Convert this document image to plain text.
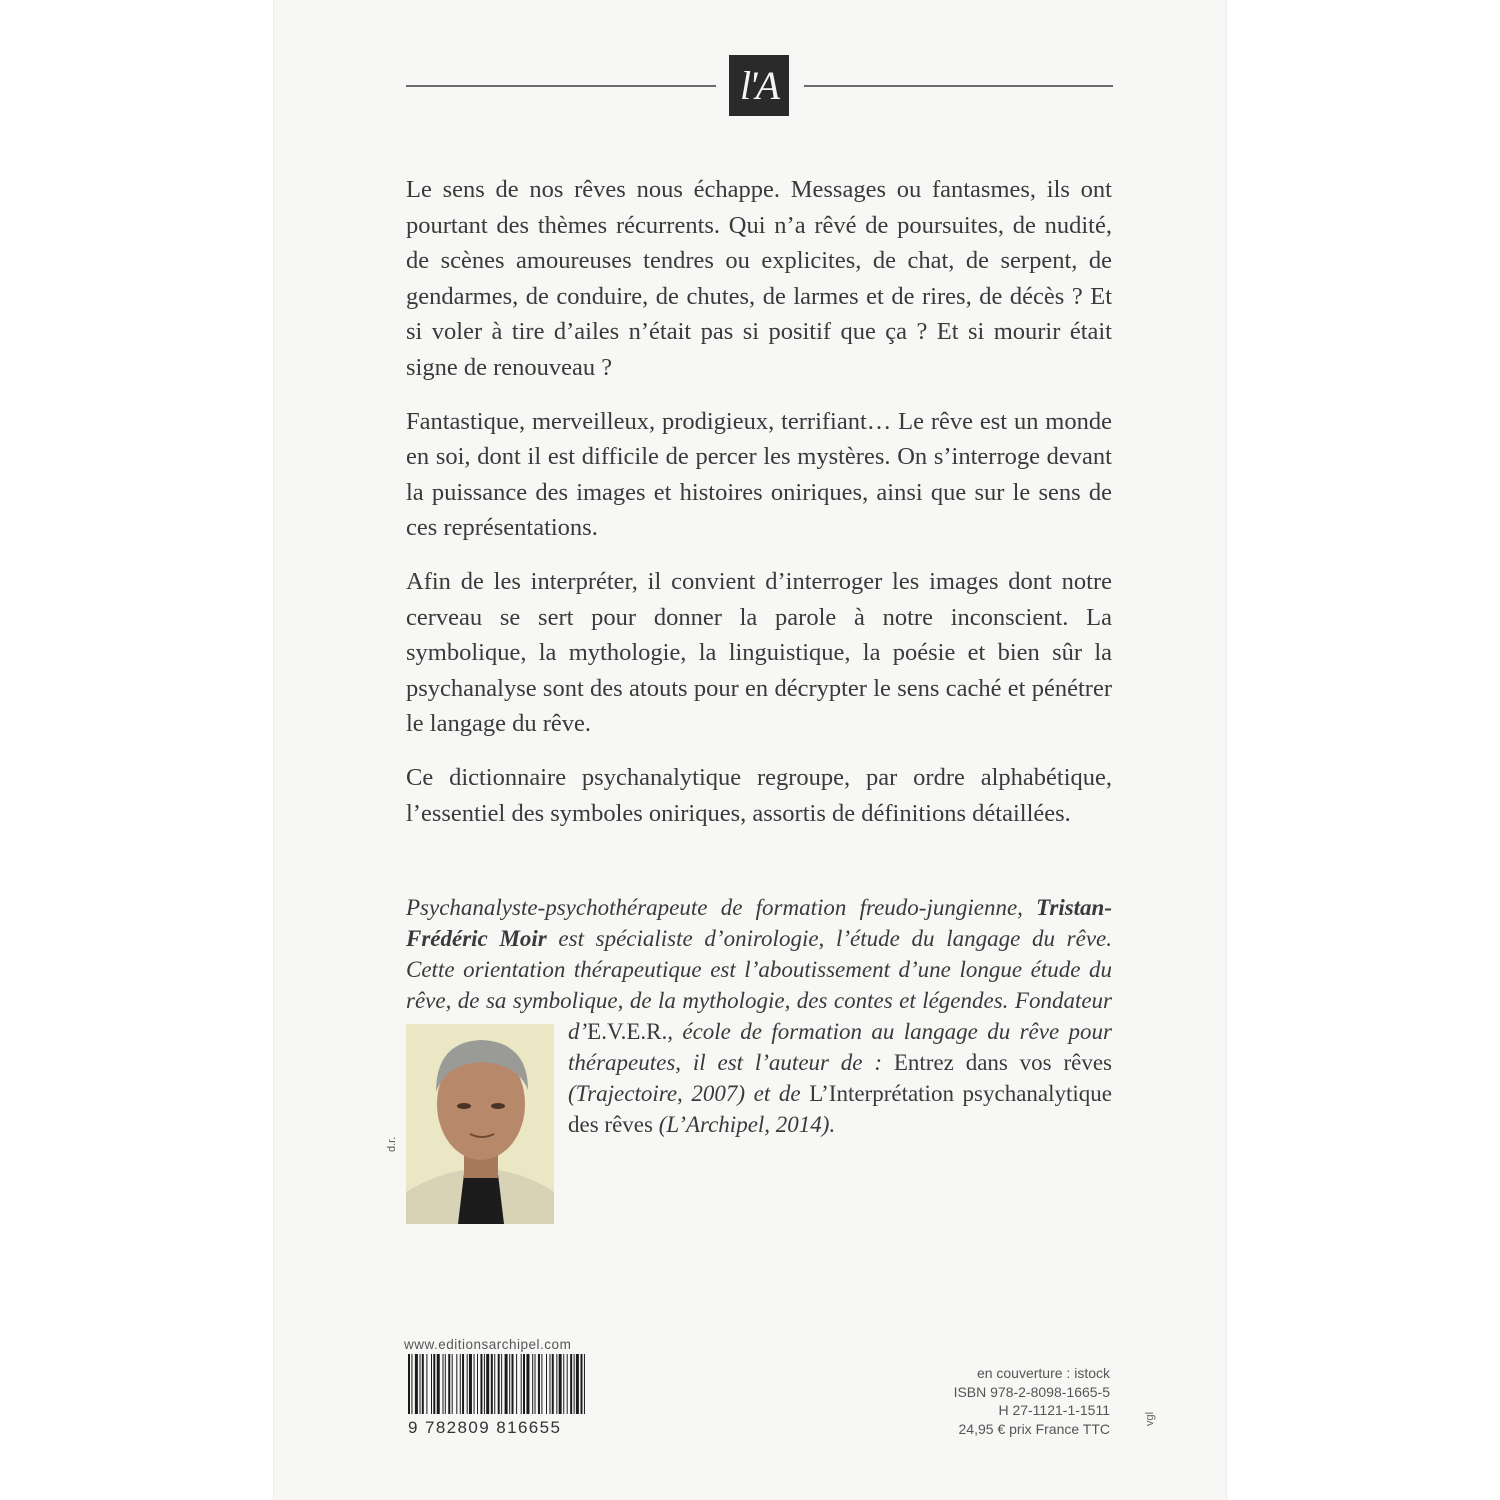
l'A

Le sens de nos rêves nous échappe. Messages ou fantasmes, ils ont pourtant des thèmes récurrents. Qui n’a rêvé de poursuites, de nudité, de scènes amoureuses tendres ou explicites, de chat, de serpent, de gendarmes, de conduire, de chutes, de larmes et de rires, de décès ? Et si voler à tire d’ailes n’était pas si positif que ça ? Et si mourir était signe de renouveau ?

Fantastique, merveilleux, prodigieux, terrifiant… Le rêve est un monde en soi, dont il est difficile de percer les mystères. On s’interroge devant la puissance des images et histoires oniriques, ainsi que sur le sens de ces représentations.

Afin de les interpréter, il convient d’interroger les images dont notre cerveau se sert pour donner la parole à notre inconscient. La symbolique, la mythologie, la linguistique, la poésie et bien sûr la psychanalyse sont des atouts pour en décrypter le sens caché et pénétrer le langage du rêve.

Ce dictionnaire psychanalytique regroupe, par ordre alphabétique, l’essentiel des symboles oniriques, assortis de définitions détaillées.

Psychanalyste-psychothérapeute de formation freudo-jungienne, Tristan-Frédéric Moir est spécialiste d’onirologie, l’étude du langage du rêve. Cette orientation thérapeutique est l’aboutissement d’une longue étude du rêve, de sa symbolique, de la mythologie, des contes et légendes. Fondateur d’
E.V.E.R., école de formation au langage du rêve pour thérapeutes, il est l’auteur de : Entrez dans vos rêves (Trajectoire, 2007) et de L’Interprétation psychanalytique des rêves (L’Archipel, 2014).
d.r.
www.editionsarchipel.com
9 782809 816655
en couverture : istock
ISBN 978-2-8098-1665-5
H 27-1121-1-1511
24,95 € prix France TTC
vgl
